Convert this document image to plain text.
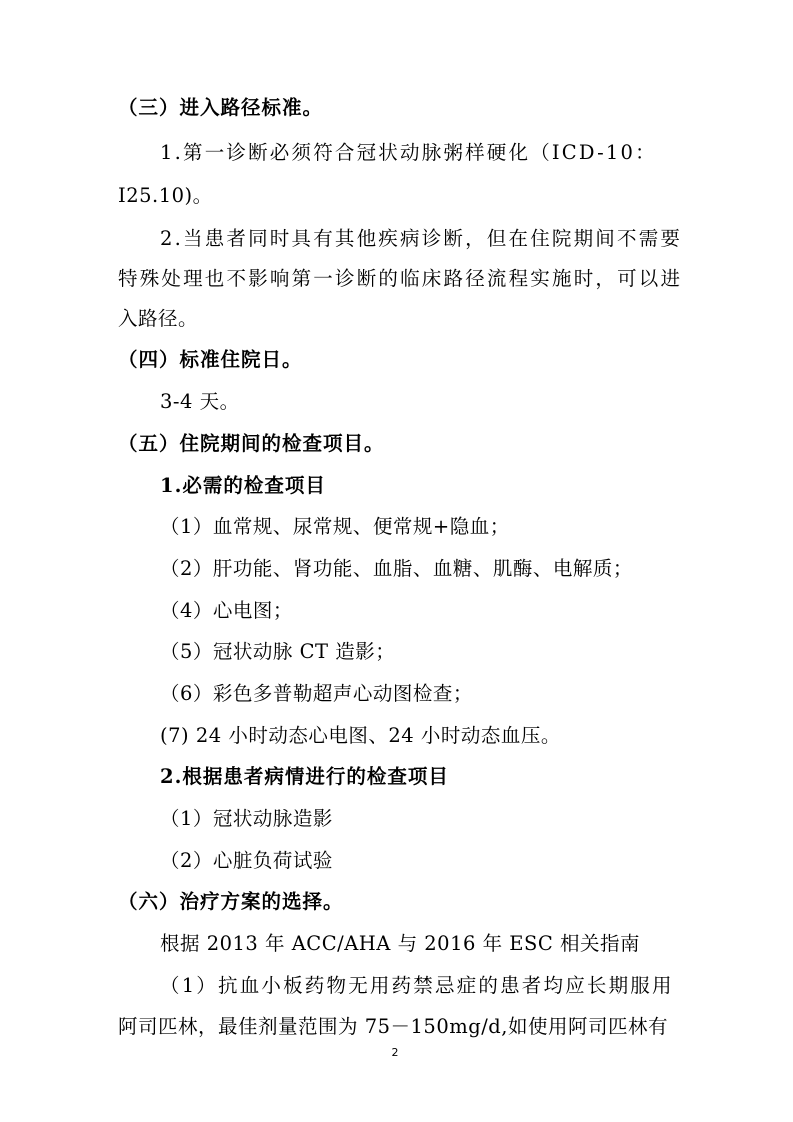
（三）进入路径标准。
1.第一诊断必须符合冠状动脉粥样硬化（ICD-10：
I25.10)。
2.当患者同时具有其他疾病诊断，但在住院期间不需要
特殊处理也不影响第一诊断的临床路径流程实施时，可以进
入路径。
（四）标准住院日。
3-4 天。
（五）住院期间的检查项目。
1.必需的检查项目
（1）血常规、尿常规、便常规+隐血；
（2）肝功能、肾功能、血脂、血糖、肌酶、电解质；
（4）心电图；
（5）冠状动脉 CT 造影；
（6）彩色多普勒超声心动图检查；
(7) 24 小时动态心电图、24 小时动态血压。
2.根据患者病情进行的检查项目
（1）冠状动脉造影
（2）心脏负荷试验
（六）治疗方案的选择。
根据 2013 年 ACC/AHA 与 2016 年 ESC 相关指南
（1）抗血小板药物无用药禁忌症的患者均应长期服用
阿司匹林，最佳剂量范围为 75－150mg/d,如使用阿司匹林有
2
